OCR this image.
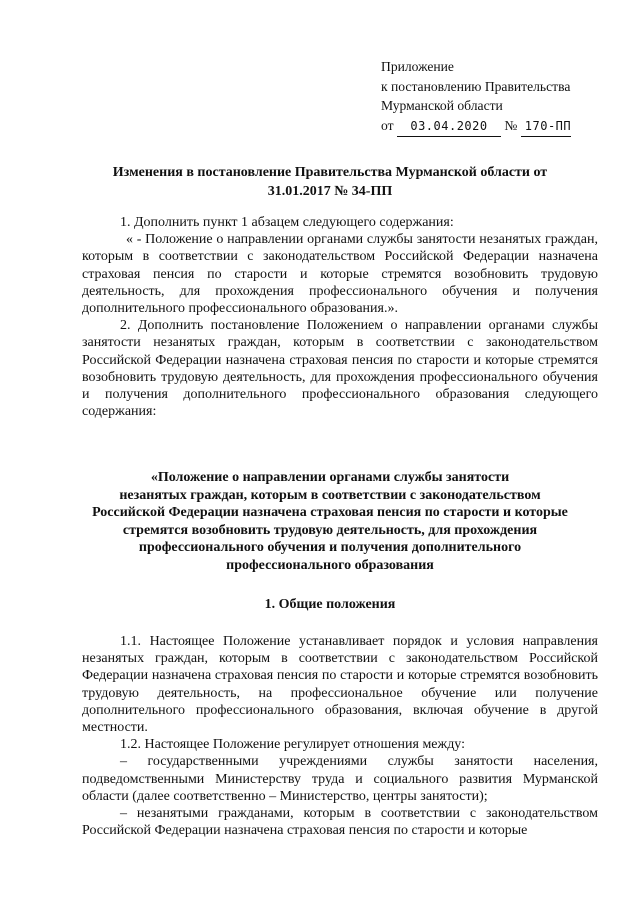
Приложение
к постановлению Правительства
Мурманской области
от 03.04.2020 № 170-ПП
Изменения в постановление Правительства Мурманской области от
31.01.2017 № 34-ПП

1. Дополнить пункт 1 абзацем следующего содержания:

« - Положение о направлении органами службы занятости незанятых граждан, которым в соответствии с законодательством Российской Федерации назначена страховая пенсия по старости и которые стремятся возобновить трудовую деятельность, для прохождения профессионального обучения и получения дополнительного профессионального образования.».

2. Дополнить постановление Положением о направлении органами службы занятости незанятых граждан, которым в соответствии с законодательством Российской Федерации назначена страховая пенсия по старости и которые стремятся возобновить трудовую деятельность, для прохождения профессионального обучения и получения дополнительного профессионального образования следующего содержания:

«Положение о направлении органами службы занятости
незанятых граждан, которым в соответствии с законодательством
Российской Федерации назначена страховая пенсия по старости и которые
стремятся возобновить трудовую деятельность, для прохождения
профессионального обучения и получения дополнительного
профессионального образования
1. Общие положения

1.1. Настоящее Положение устанавливает порядок и условия направления незанятых граждан, которым в соответствии с законодательством Российской Федерации назначена страховая пенсия по старости и которые стремятся возобновить трудовую деятельность, на профессиональное обучение или получение дополнительного профессионального образования, включая обучение в другой местности.

1.2. Настоящее Положение регулирует отношения между:

– государственными учреждениями службы занятости населения, подведомственными Министерству труда и социального развития Мурманской области (далее соответственно – Министерство, центры занятости);

– незанятыми гражданами, которым в соответствии с законодательством Российской Федерации назначена страховая пенсия по старости и которые
